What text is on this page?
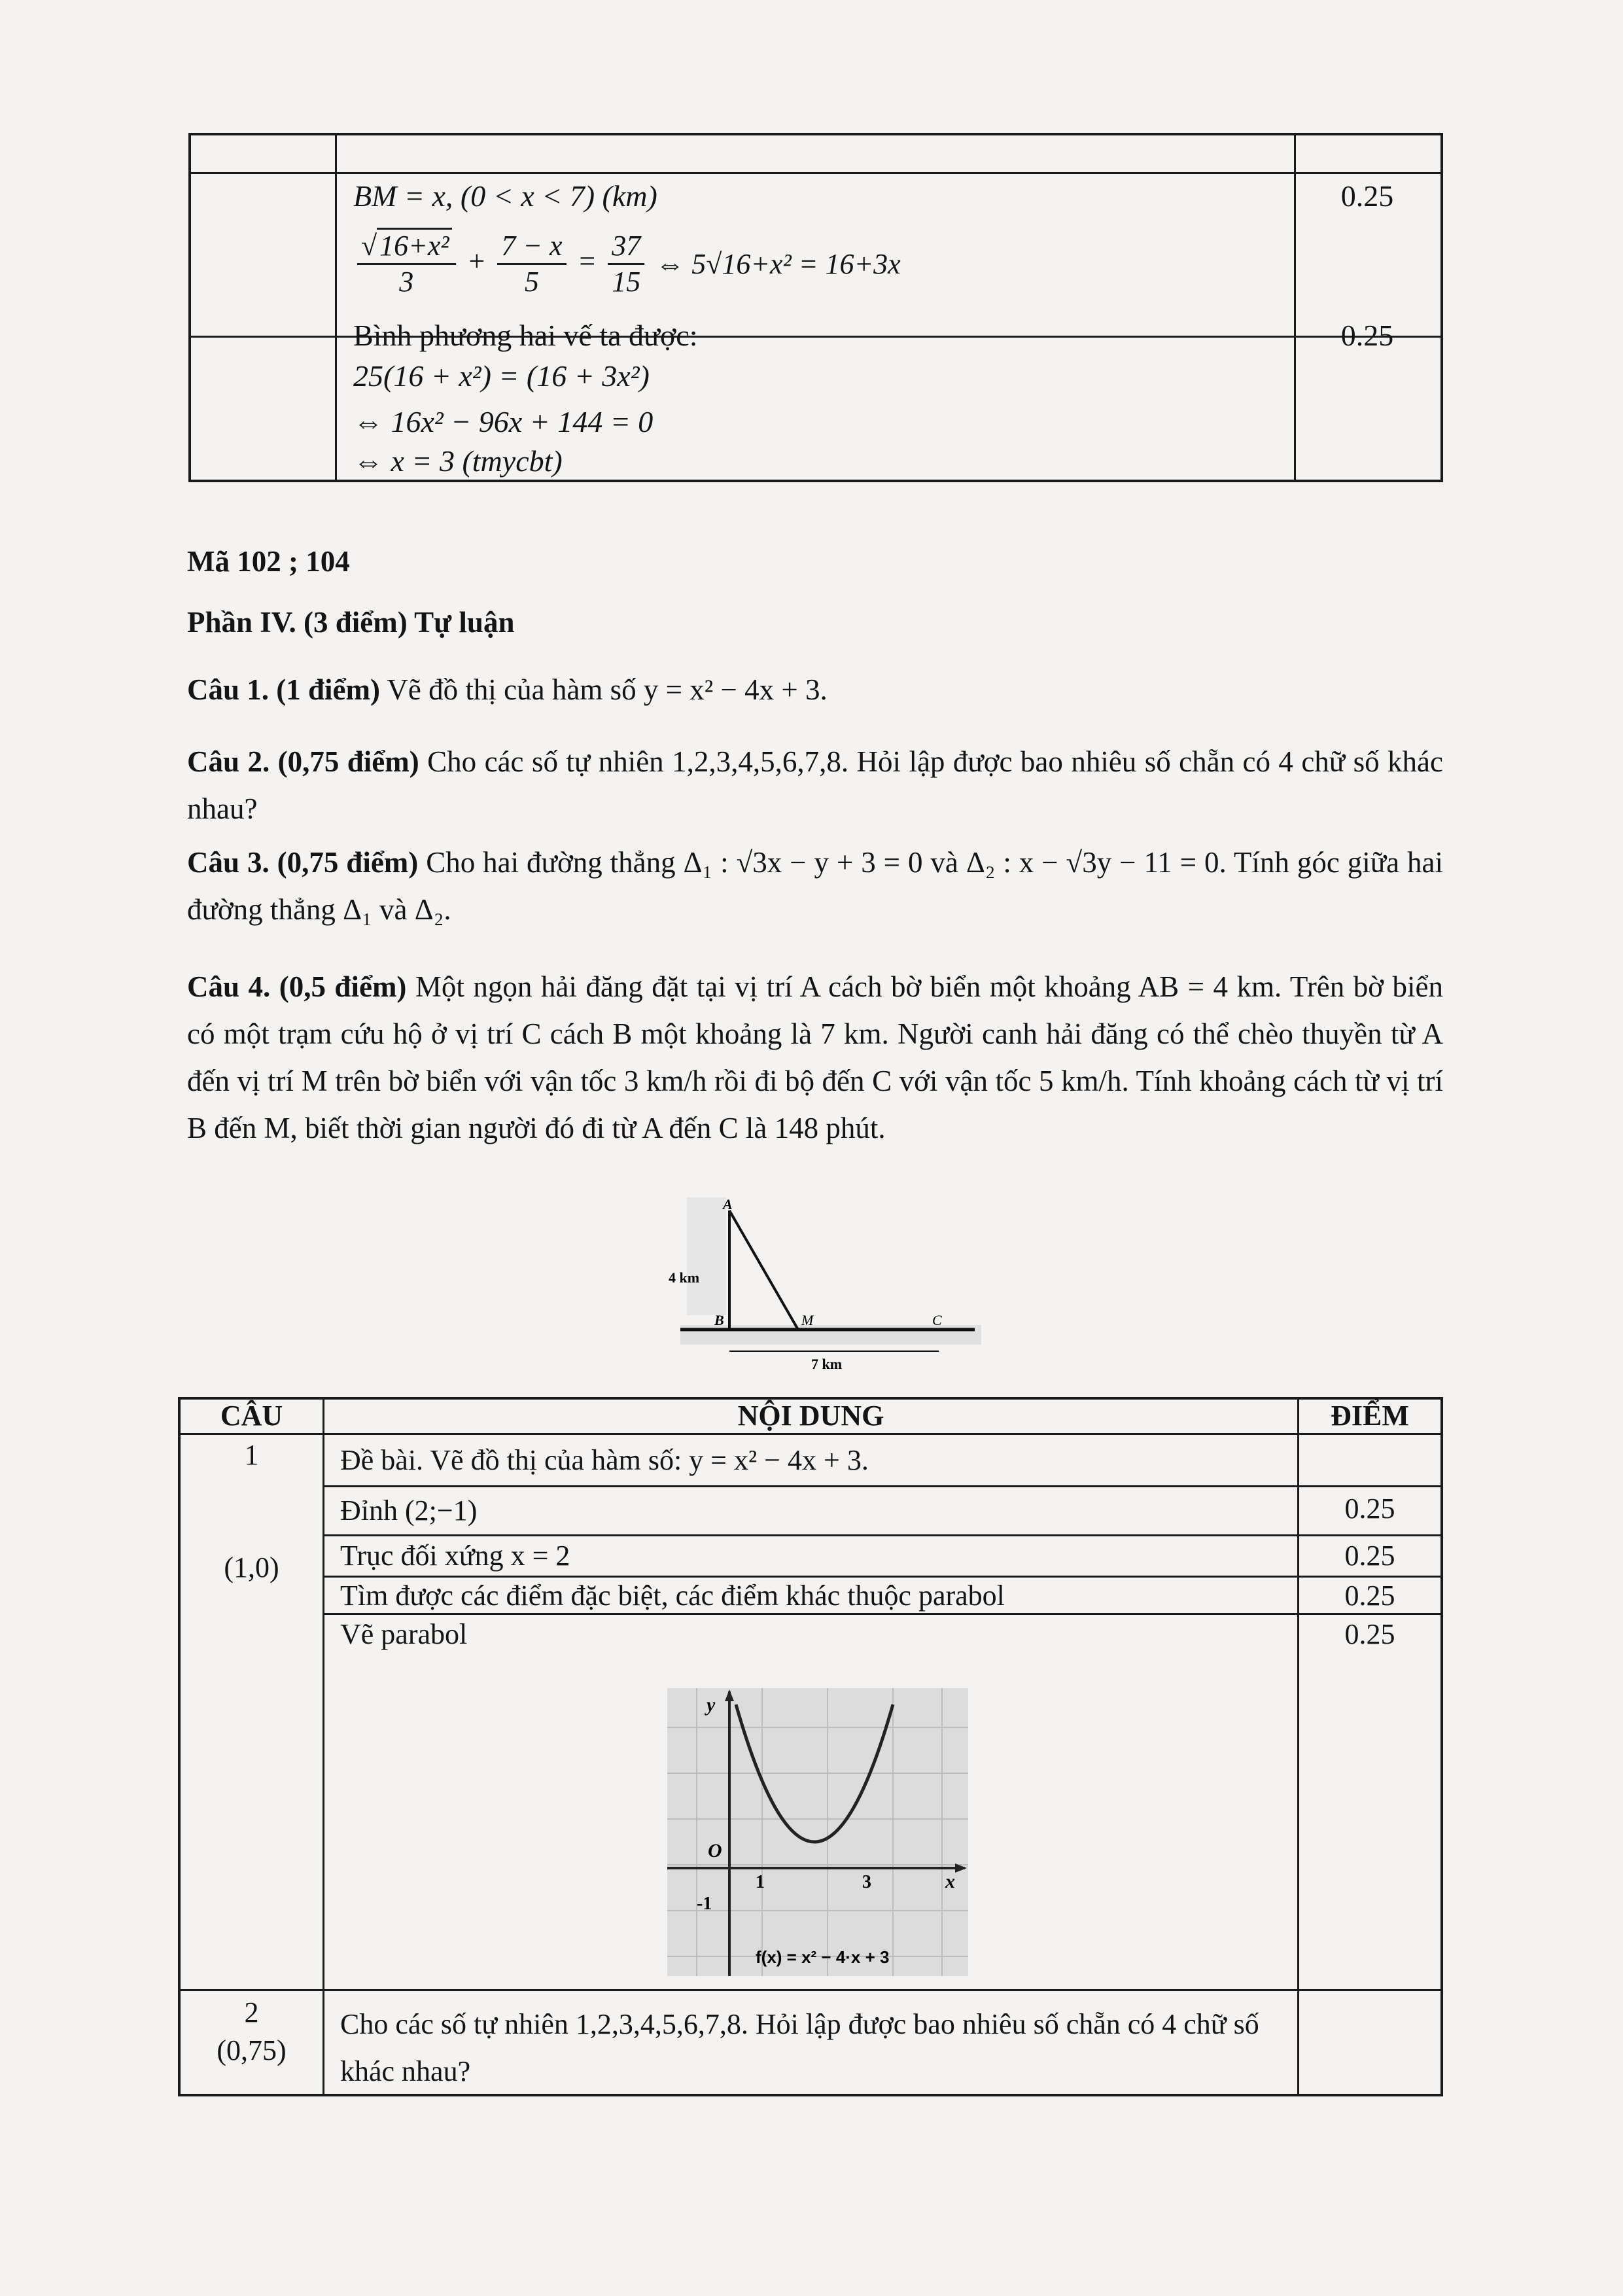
BM = x, (0 < x < 7) (km)	0.25
$\frac{\text{√16+x²}}{3} + \frac{7 - x}{5} = \frac{37}{15}$ ⇔ 5√16+x² = 16+3x
Bình phương hai vế ta được:	0.25
25(16 + x²) = (16 + 3x²)
⇔ 16x² − 96x + 144 = 0
⇔ x = 3 (tmycbt)
Mã 102 ; 104
Phần IV. (3 điểm) Tự luận
Câu 1. (1 điểm) Vẽ đồ thị của hàm số y = x² − 4x + 3.
Câu 2. (0,75 điểm) Cho các số tự nhiên 1,2,3,4,5,6,7,8. Hỏi lập được bao nhiêu số chẵn có 4 chữ số khác nhau?
Câu 3. (0,75 điểm) Cho hai đường thẳng Δ₁ : √3x − y + 3 = 0 và Δ₂ : x − √3y − 11 = 0. Tính góc giữa hai đường thẳng Δ₁ và Δ₂.
Câu 4. (0,5 điểm) Một ngọn hải đăng đặt tại vị trí A cách bờ biển một khoảng AB = 4 km. Trên bờ biển có một trạm cứu hộ ở vị trí C cách B một khoảng là 7 km. Người canh hải đăng có thể chèo thuyền từ A đến vị trí M trên bờ biển với vận tốc 3 km/h rồi đi bộ đến C với vận tốc 5 km/h. Tính khoảng cách từ vị trí B đến M, biết thời gian người đó đi từ A đến C là 148 phút.
A
4 km
B	M	C
7 km
CÂU	NỘI DUNG	ĐIỂM
1
(1,0)
Đề bài. Vẽ đồ thị của hàm số: y = x² − 4x + 3.
Đỉnh (2;−1)	0.25
Trục đối xứng x = 2	0.25
Tìm được các điểm đặc biệt, các điểm khác thuộc parabol	0.25
Vẽ parabol	0.25
y
x
O
1	3
-1
f(x) = x² − 4·x + 3
2
(0,75)
Cho các số tự nhiên 1,2,3,4,5,6,7,8. Hỏi lập được bao nhiêu số chẵn có 4 chữ số khác nhau?
